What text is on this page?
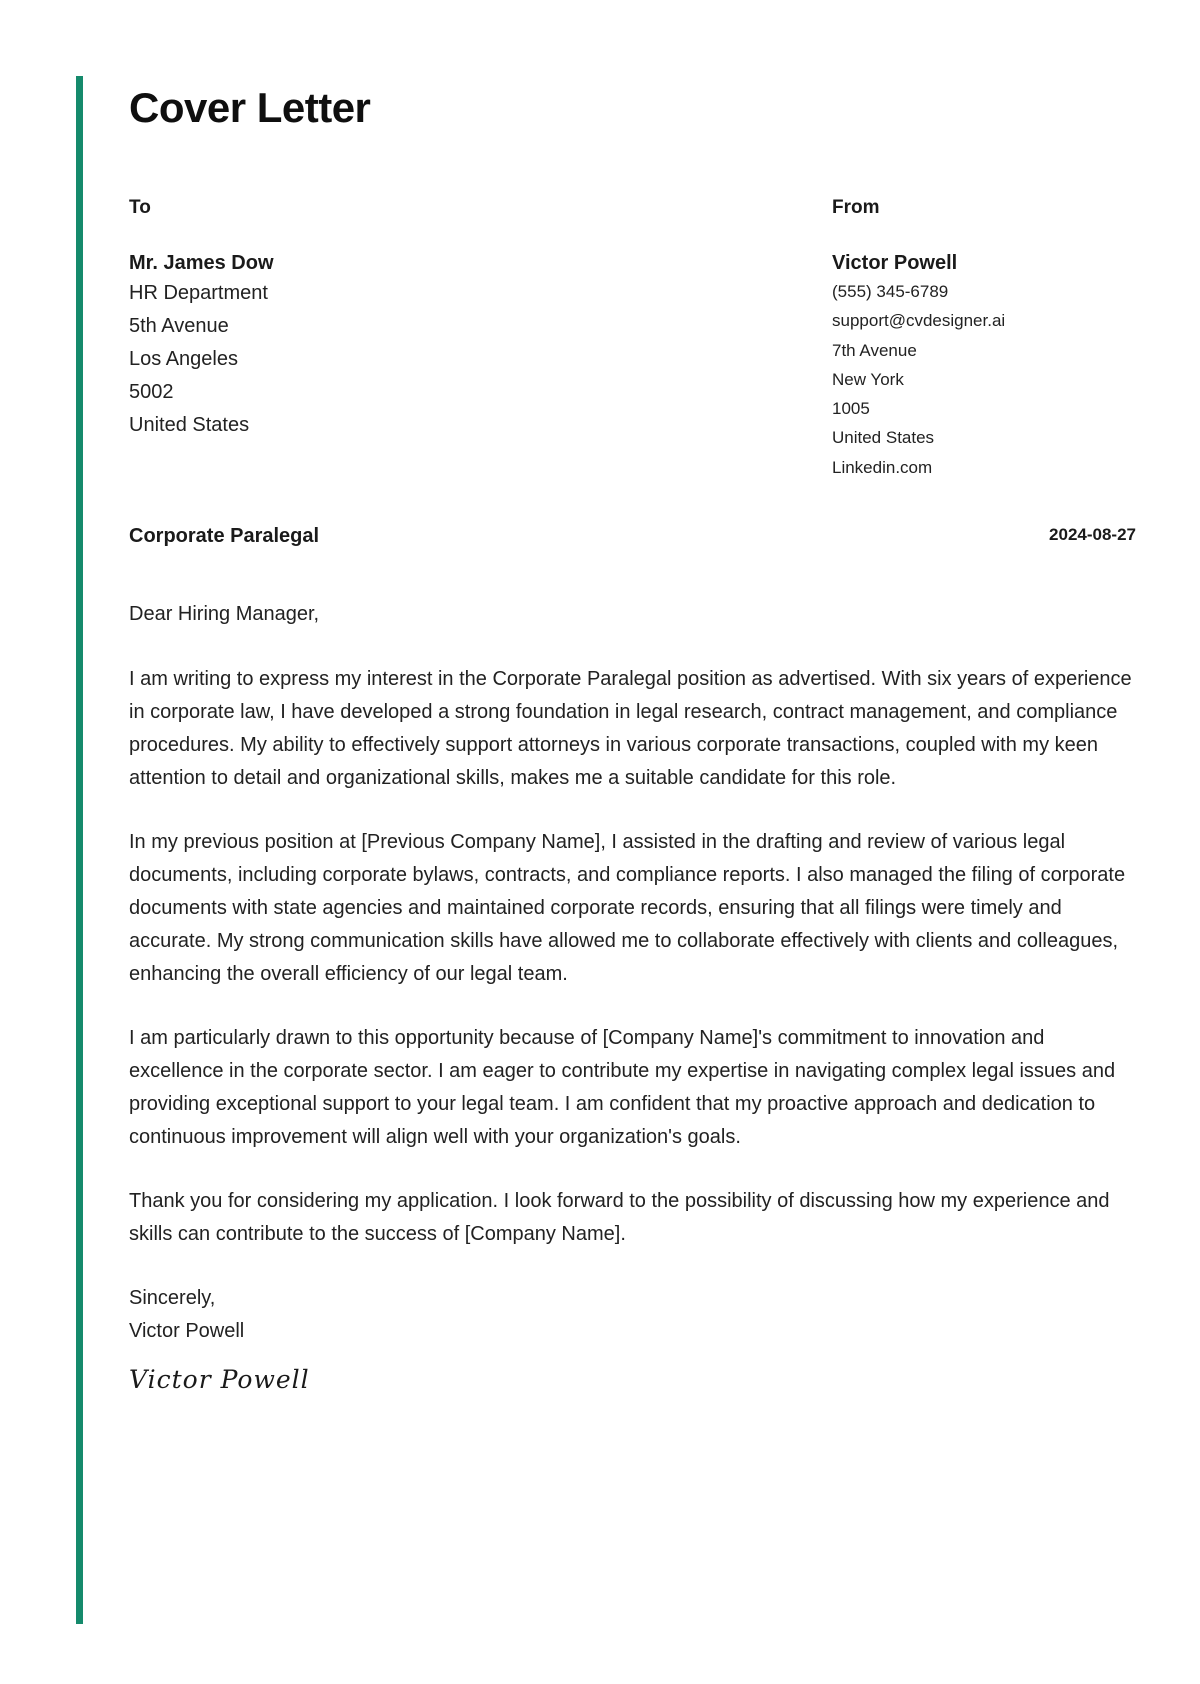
Cover Letter
To
Mr. James Dow
HR Department
5th Avenue
Los Angeles
5002
United States
From
Victor Powell
(555) 345-6789
support@cvdesigner.ai
7th Avenue
New York
1005
United States
Linkedin.com
Corporate Paralegal	2024-08-27

Dear Hiring Manager,

I am writing to express my interest in the Corporate Paralegal position as advertised. With six years of experience in corporate law, I have developed a strong foundation in legal research, contract management, and compliance procedures. My ability to effectively support attorneys in various corporate transactions, coupled with my keen attention to detail and organizational skills, makes me a suitable candidate for this role.

In my previous position at [Previous Company Name], I assisted in the drafting and review of various legal documents, including corporate bylaws, contracts, and compliance reports. I also managed the filing of corporate documents with state agencies and maintained corporate records, ensuring that all filings were timely and accurate. My strong communication skills have allowed me to collaborate effectively with clients and colleagues, enhancing the overall efficiency of our legal team.

I am particularly drawn to this opportunity because of [Company Name]'s commitment to innovation and excellence in the corporate sector. I am eager to contribute my expertise in navigating complex legal issues and providing exceptional support to your legal team. I am confident that my proactive approach and dedication to continuous improvement will align well with your organization's goals.

Thank you for considering my application. I look forward to the possibility of discussing how my experience and skills can contribute to the success of [Company Name].

Sincerely,

Victor Powell

Victor Powell
